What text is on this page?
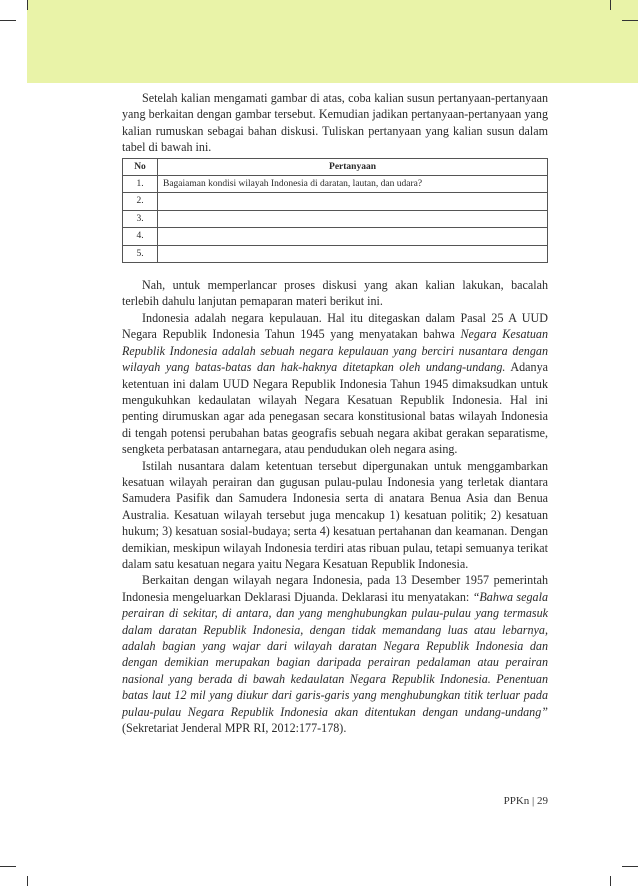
Setelah kalian mengamati gambar di atas, coba kalian susun pertanyaan-pertanyaan yang berkaitan dengan gambar tersebut. Kemudian jadikan pertanyaan-pertanyaan yang kalian rumuskan sebagai bahan diskusi. Tuliskan pertanyaan yang kalian susun dalam tabel di bawah ini.

No	Pertanyaan
1.	Bagaiaman kondisi wilayah Indonesia di daratan, lautan, dan udara?
2.	
3.	
4.	
5.	

Nah, untuk memperlancar proses diskusi yang akan kalian lakukan, bacalah terlebih dahulu lanjutan pemaparan materi berikut ini.

Indonesia adalah negara kepulauan. Hal itu ditegaskan dalam Pasal 25 A UUD Negara Republik Indonesia Tahun 1945 yang menyatakan bahwa Negara Kesatuan Republik Indonesia adalah sebuah negara kepulauan yang berciri nusantara dengan wilayah yang batas-batas dan hak-haknya ditetapkan oleh undang-undang. Adanya ketentuan ini dalam UUD Negara Republik Indonesia Tahun 1945 dimaksudkan untuk mengukuhkan kedaulatan wilayah Negara Kesatuan Republik Indonesia. Hal ini penting dirumuskan agar ada penegasan secara konstitusional batas wilayah Indonesia di tengah potensi perubahan batas geografis sebuah negara akibat gerakan separatisme, sengketa perbatasan antarnegara, atau pendudukan oleh negara asing.

Istilah nusantara dalam ketentuan tersebut dipergunakan untuk menggambarkan kesatuan wilayah perairan dan gugusan pulau-pulau Indonesia yang terletak diantara Samudera Pasifik dan Samudera Indonesia serta di anatara Benua Asia dan Benua Australia. Kesatuan wilayah tersebut juga mencakup 1) kesatuan politik; 2) kesatuan hukum; 3) kesatuan sosial-budaya; serta 4) kesatuan pertahanan dan keamanan. Dengan demikian, meskipun wilayah Indonesia terdiri atas ribuan pulau, tetapi semuanya terikat dalam satu kesatuan negara yaitu Negara Kesatuan Republik Indonesia.

Berkaitan dengan wilayah negara Indonesia, pada 13 Desember 1957 pemerintah Indonesia mengeluarkan Deklarasi Djuanda. Deklarasi itu menyatakan: “Bahwa segala perairan di sekitar, di antara, dan yang menghubungkan pulau-pulau yang termasuk dalam daratan Republik Indonesia, dengan tidak memandang luas atau lebarnya, adalah bagian yang wajar dari wilayah daratan Negara Republik Indonesia dan dengan demikian merupakan bagian daripada perairan pedalaman atau perairan nasional yang berada di bawah kedaulatan Negara Republik Indonesia. Penentuan batas laut 12 mil yang diukur dari garis-garis yang menghubungkan titik terluar pada pulau-pulau Negara Republik Indonesia akan ditentukan dengan undang-undang” (Sekretariat Jenderal MPR RI, 2012:177-178).

PPKn | 29
